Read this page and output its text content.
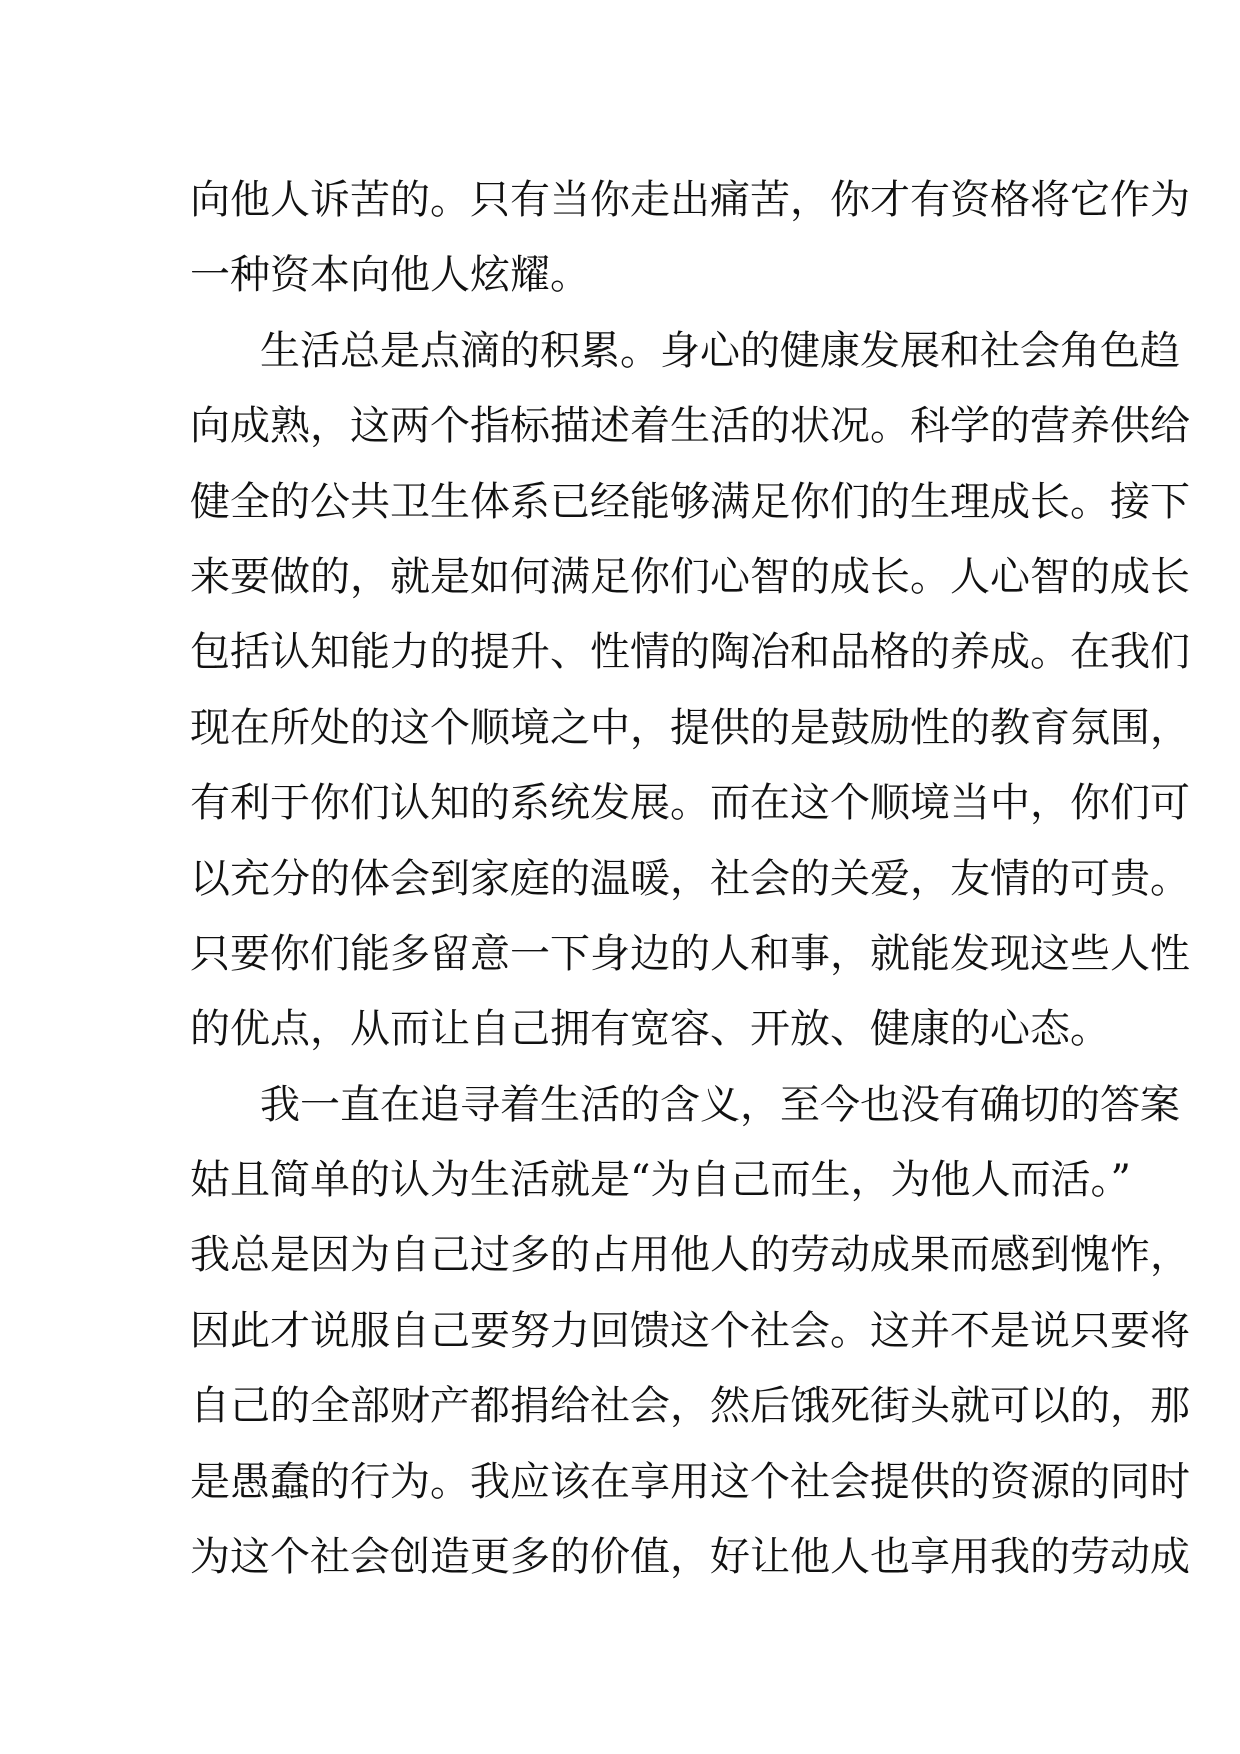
向他人诉苦的。只有当你走出痛苦，你才有资格将它作为
一种资本向他人炫耀。
生活总是点滴的积累。身心的健康发展和社会角色趋
向成熟，这两个指标描述着生活的状况。科学的营养供给
健全的公共卫生体系已经能够满足你们的生理成长。接下
来要做的，就是如何满足你们心智的成长。人心智的成长
包括认知能力的提升、性情的陶冶和品格的养成。在我们
现在所处的这个顺境之中，提供的是鼓励性的教育氛围，
有利于你们认知的系统发展。而在这个顺境当中，你们可
以充分的体会到家庭的温暖，社会的关爱，友情的可贵。
只要你们能多留意一下身边的人和事，就能发现这些人性
的优点，从而让自己拥有宽容、开放、健康的心态。
我一直在追寻着生活的含义，至今也没有确切的答案
姑且简单的认为生活就是“为自己而生，为他人而活。”
我总是因为自己过多的占用他人的劳动成果而感到愧怍，
因此才说服自己要努力回馈这个社会。这并不是说只要将
自己的全部财产都捐给社会，然后饿死街头就可以的，那
是愚蠢的行为。我应该在享用这个社会提供的资源的同时
为这个社会创造更多的价值，好让他人也享用我的劳动成
